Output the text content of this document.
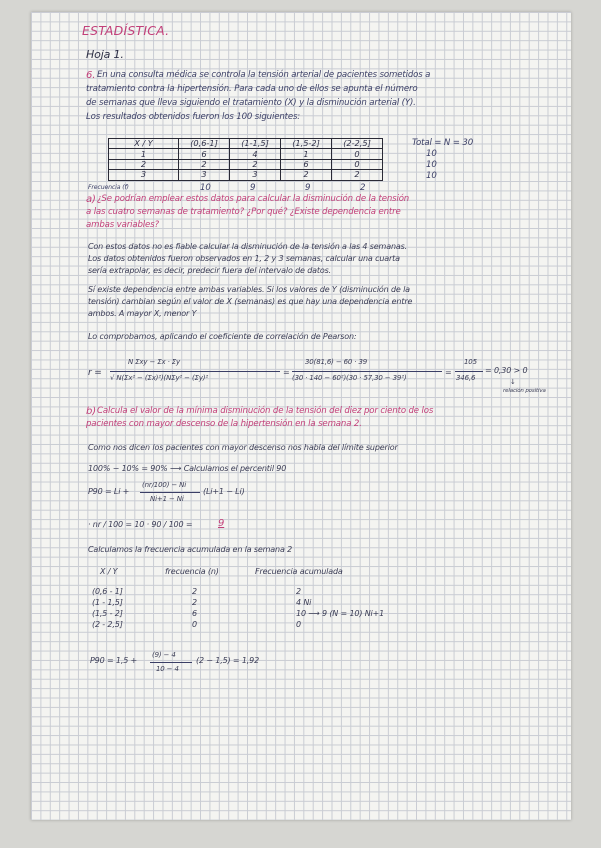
ESTADÍSTICA.
Hoja 1.
6. En una consulta médica se controla la tensión arterial de pacientes sometidos a
tratamiento contra la hipertensión. Para cada uno de ellos se apunta el número
de semanas que lleva siguiendo el tratamiento (X) y la disminución arterial (Y).
Los resultados obtenidos fueron los 100 siguientes:
X / Y	(0,6-1]	(1-1,5]	(1,5-2]	(2-2,5]
1	6	4	1	0
2	2	2	6	0
3	3	3	2	2
Total = N = 30
10
10
10
Frecuencia (f)	10	9	9	2
a) ¿Se podrían emplear estos datos para calcular la disminución de la tensión
a las cuatro semanas de tratamiento? ¿Por qué? ¿Existe dependencia entre
ambas variables?
Con estos datos no es fiable calcular la disminución de la tensión a las 4 semanas.
Los datos obtenidos fueron observados en 1, 2 y 3 semanas, calcular una cuarta
sería extrapolar, es decir, predecir fuera del intervalo de datos.
Sí existe dependencia entre ambas variables. Si los valores de Y (disminución de la
tensión) cambian según el valor de X (semanas) es que hay una dependencia entre
ambos. A mayor X, menor Y
Lo comprobamos, aplicando el coeficiente de correlación de Pearson:
r =
N Σxy − Σx · Σy
√ N(Σx² − (Σx)²)(NΣy² − (Σy)²
=
30(81,6) − 60 · 39
(30 · 140 − 60²)(30 · 57,30 − 39²)
=
105
346,6
= 0,30 > 0
↓
relación positiva
b) Calcula el valor de la mínima disminución de la tensión del diez por ciento de los
pacientes con mayor descenso de la hipertensión en la semana 2.
Como nos dicen los pacientes con mayor descenso nos habla del límite superior
100% − 10% = 90% ⟶ Calculamos el percentil 90
P90 = Li +
(nr/100) − Ni
Ni+1 − Ni
(Li+1 − Li)
· nr / 100 = 10 · 90 / 100 =	9
Calculamos la frecuencia acumulada en la semana 2
X / Y	frecuencia (n)	Frecuencia acumulada
(0,6 - 1]	2	2
(1 - 1,5]	2	4 Ni
(1,5 - 2]	6	10 ⟶ 9 (N = 10) Ni+1
(2 - 2,5]	0	0
P90 = 1,5 +
(9) − 4
10 − 4
(2 − 1,5) = 1,92
